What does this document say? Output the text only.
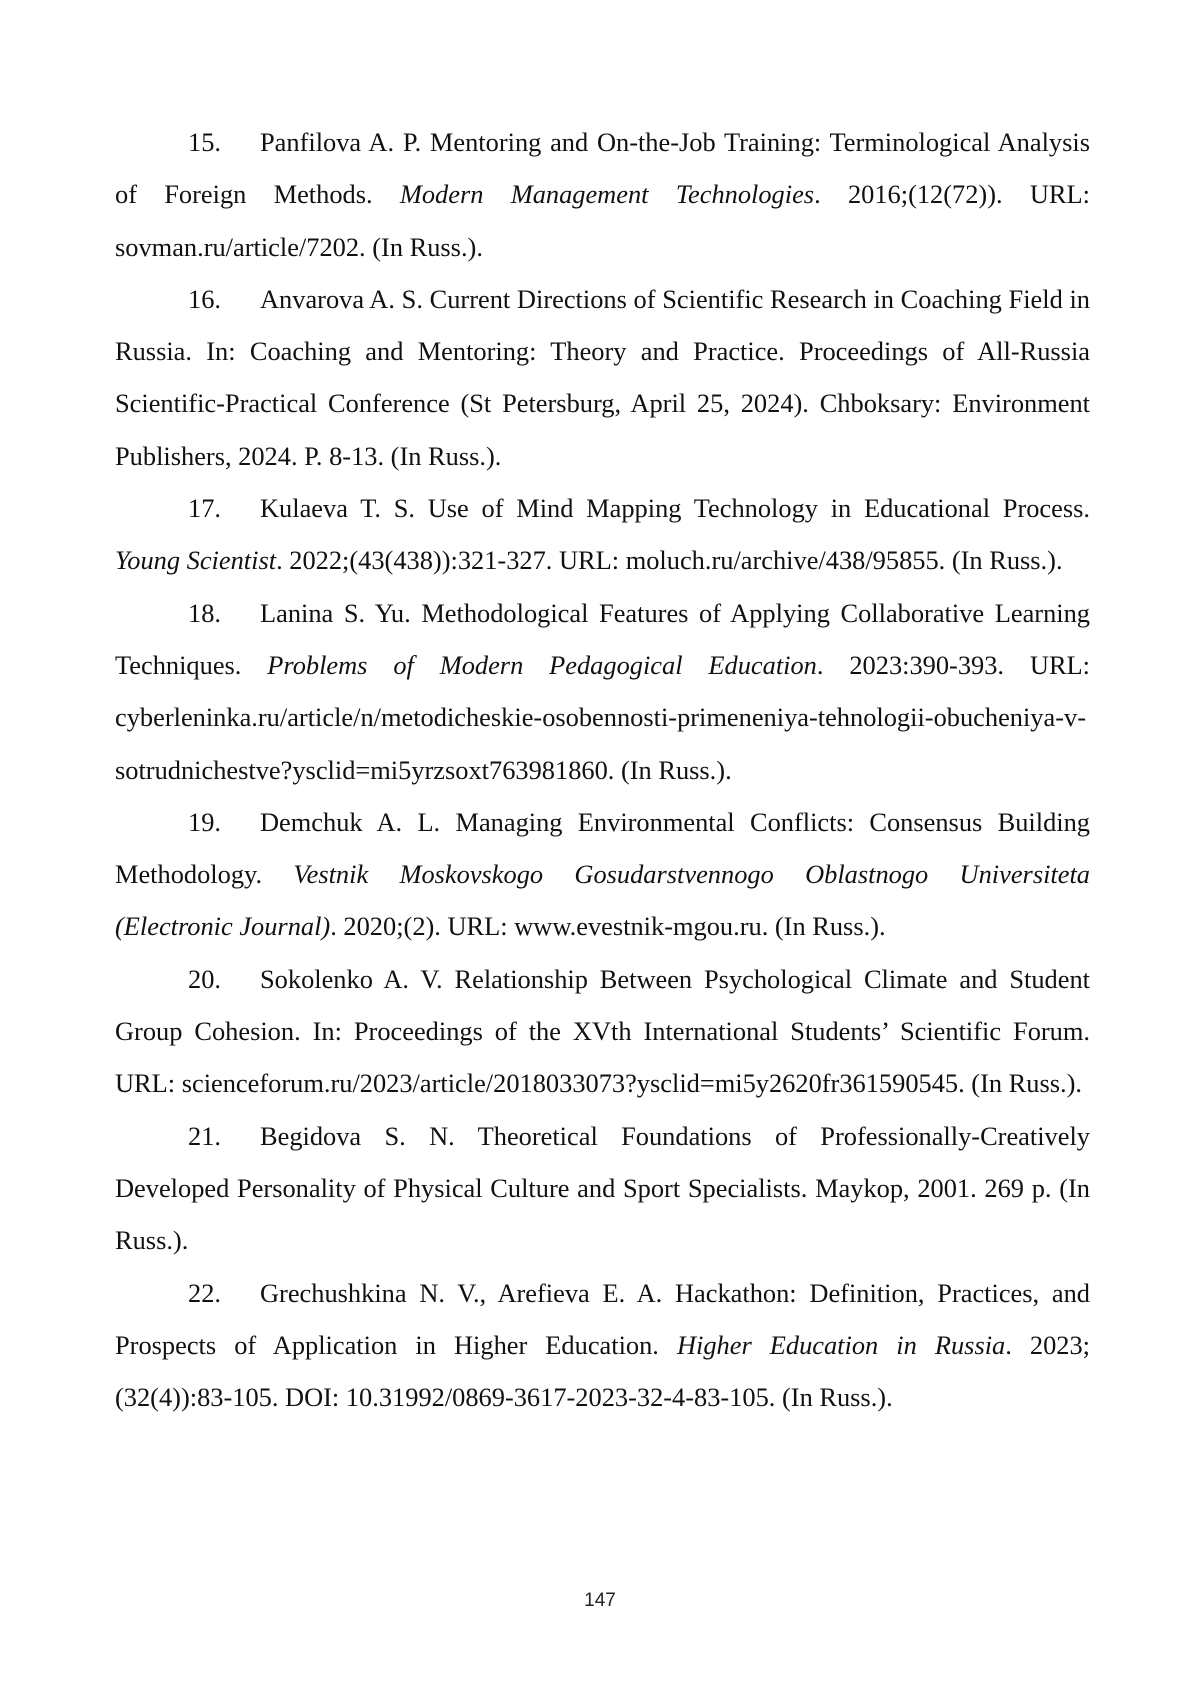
15. Panfilova A. P. Mentoring and On-the-Job Training: Terminological Analysis of Foreign Methods. Modern Management Technologies. 2016;(12(72)). URL: sovman.ru/article/7202. (In Russ.).

16. Anvarova A. S. Current Directions of Scientific Research in Coaching Field in Russia. In: Coaching and Mentoring: Theory and Practice. Proceedings of All-Russia Scientific-Practical Conference (St Petersburg, April 25, 2024). Chboksary: Environment Publishers, 2024. P. 8-13. (In Russ.).

17. Kulaeva T. S. Use of Mind Mapping Technology in Educational Process. Young Scientist. 2022;(43(438)):321-327. URL: moluch.ru/archive/438/95855. (In Russ.).

18. Lanina S. Yu. Methodological Features of Applying Collaborative Learning Techniques. Problems of Modern Pedagogical Education. 2023:390-393. URL: cyberleninka.ru/article/n/metodicheskie-osobennosti-primeneniya-tehnologii-obucheniya-v-sotrudnichestve?ysclid=mi5yrzsoxt763981860. (In Russ.).

19. Demchuk A. L. Managing Environmental Conflicts: Consensus Building Methodology. Vestnik Moskovskogo Gosudarstvennogo Oblastnogo Universiteta (Electronic Journal). 2020;(2). URL: www.evestnik-mgou.ru. (In Russ.).

20. Sokolenko A. V. Relationship Between Psychological Climate and Student Group Cohesion. In: Proceedings of the XVth International Students’ Scientific Forum. URL: scienceforum.ru/2023/article/2018033073?ysclid=mi5y2620fr361590545. (In Russ.).

21. Begidova S. N. Theoretical Foundations of Professionally-Creatively Developed Personality of Physical Culture and Sport Specialists. Maykop, 2001. 269 p. (In Russ.).

22. Grechushkina N. V., Arefieva E. A. Hackathon: Definition, Practices, and Prospects of Application in Higher Education. Higher Education in Russia. 2023;(32(4)):83-105. DOI: 10.31992/0869-3617-2023-32-4-83-105. (In Russ.).

147
